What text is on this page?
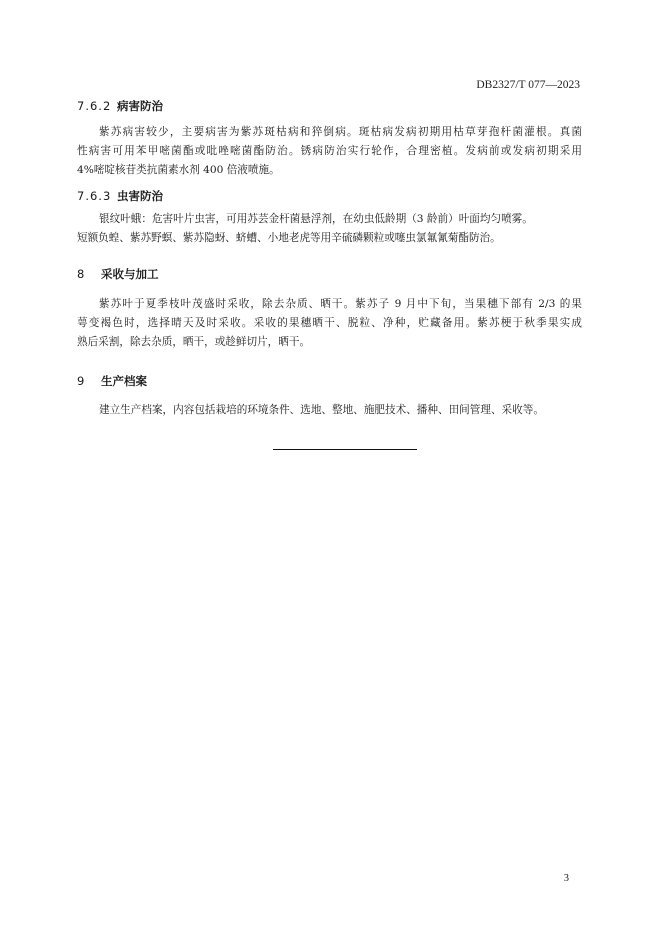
DB2327/T 077—2023
7.6.2 病害防治
紫苏病害较少，主要病害为紫苏斑枯病和猝倒病。斑枯病发病初期用枯草芽孢杆菌灌根。真菌
性病害可用苯甲嘧菌酯或吡唑嘧菌酯防治。锈病防治实行轮作，合理密植。发病前或发病初期采用
4%嘧啶核苷类抗菌素水剂 400 倍液喷施。
7.6.3 虫害防治
银纹叶蛾：危害叶片虫害，可用苏芸金杆菌悬浮剂，在幼虫低龄期（3 龄前）叶面均匀喷雾。
短额负蝗、紫苏野螟、紫苏隐蚜、蛴螬、小地老虎等用辛硫磷颗粒或噻虫氯氟氰菊酯防治。
8 采收与加工
紫苏叶于夏季枝叶茂盛时采收，除去杂质、晒干。紫苏子 9 月中下旬，当果穗下部有 2/3 的果
萼变褐色时，选择晴天及时采收。采收的果穗晒干、脱粒、净种，贮藏备用。紫苏梗于秋季果实成
熟后采割，除去杂质，晒干，或趁鲜切片，晒干。
9 生产档案
建立生产档案，内容包括栽培的环境条件、选地、整地、施肥技术、播种、田间管理、采收等。
3
